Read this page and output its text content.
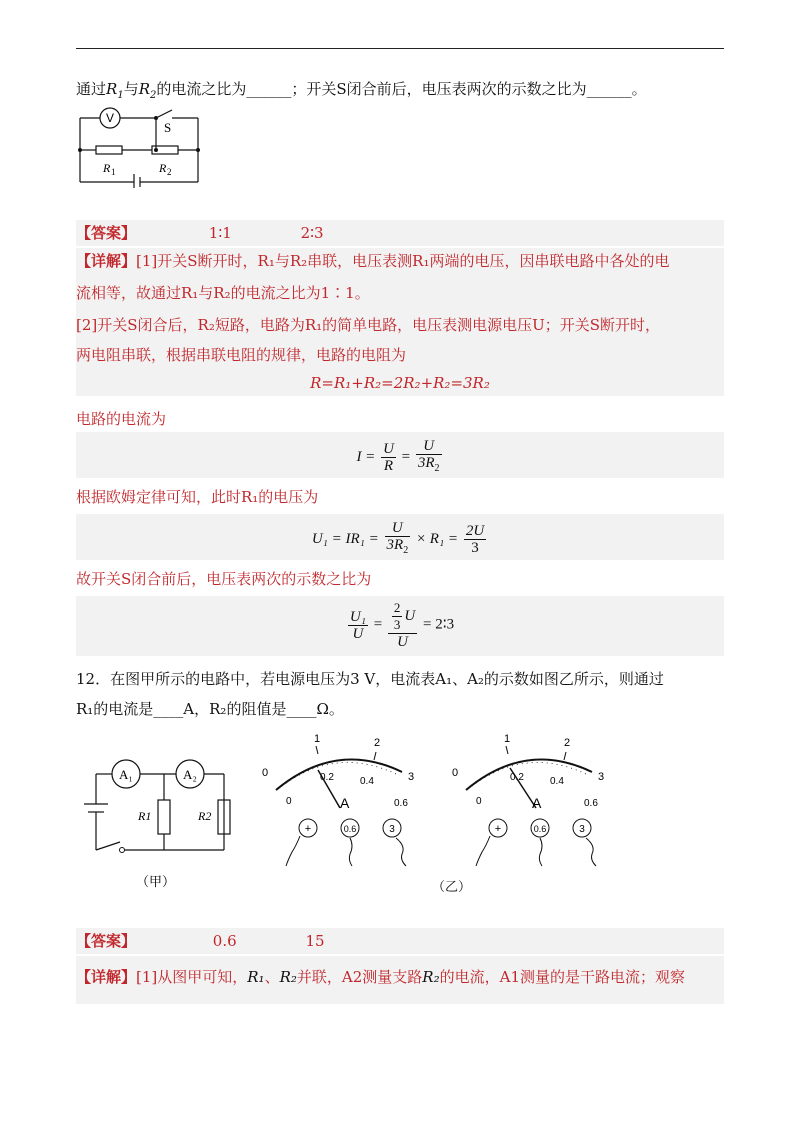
通过$R_1$与$R_2$的电流之比为______；开关S闭合前后，电压表两次的示数之比为______。
V
S
R 1	R 2
【答案】	1∶1	2∶3
【详解】[1]开关S断开时，R₁与R₂串联，电压表测R₁两端的电压，因串联电路中各处的电
流相等，故通过R₁与R₂的电流之比为1∶1。
[2]开关S闭合后，R₂短路，电路为R₁的简单电路，电压表测电源电压U；开关S断开时，
两电阻串联，根据串联电阻的规律，电路的电阻为
R=R₁+R₂=2R₂+R₂=3R₂
电路的电流为
$I = \frac{U}{R} = \frac{U}{3R_2}$
根据欧姆定律可知，此时R₁的电压为
$U_1 = IR_1 = \frac{U}{3R_2} \times R_1 = \frac{2U}{3}$
故开关S闭合前后，电压表两次的示数之比为
$\frac{\text{U₁}}{U} = \frac{\frac{2}{3} U}{U}$ = 2∶3
12．在图甲所示的电路中，若电源电压为3 V，电流表A₁、A₂的示数如图乙所示，则通过
R₁的电流是____A，R₂的阻值是____Ω。
A₁	A₂
R1	R2
（甲）
0
1	2
3
0
0.2	0.4
0.6
A
+	0.6	3
0
1	2
3
0
0.2	0.4
0.6
A
+	0.6	3
（乙）
【答案】	0.6	15
【详解】[1]从图甲可知，R₁、R₂并联，A2测量支路R₂的电流，A1测量的是干路电流；观察
